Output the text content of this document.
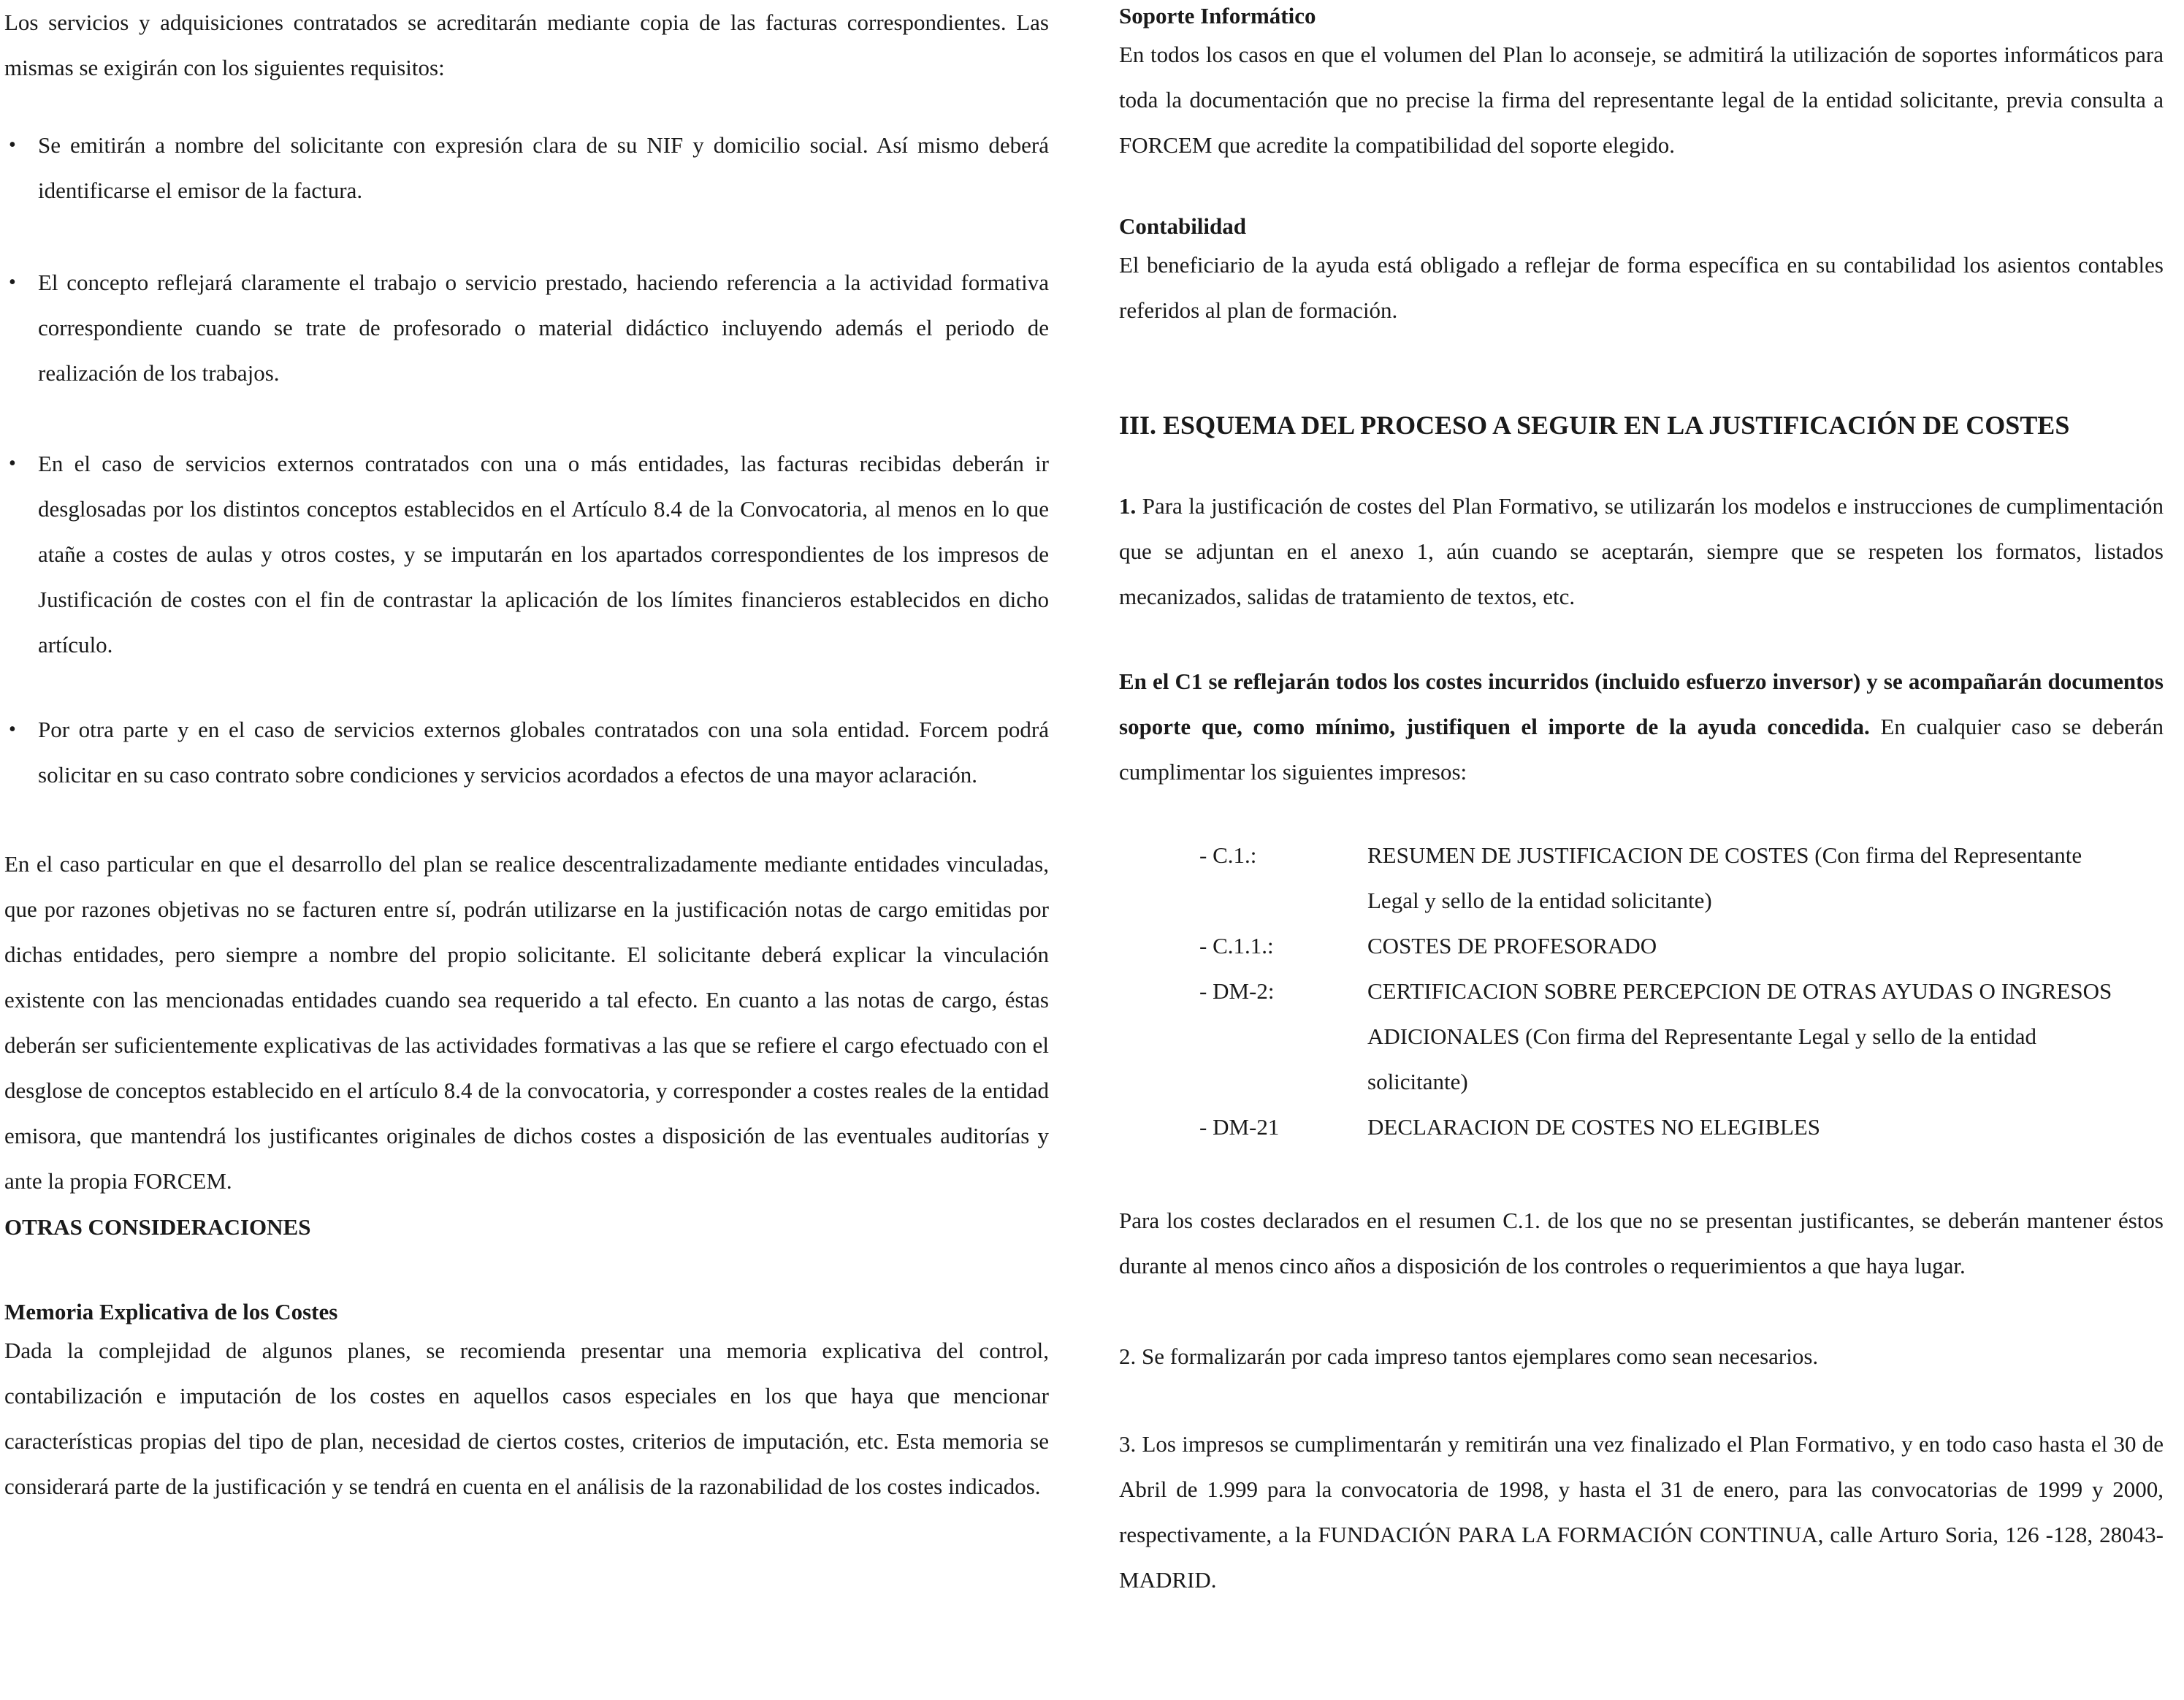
Los servicios y adquisiciones contratados se acreditarán mediante copia de las facturas correspondientes. Las mismas se exigirán con los siguientes requisitos:

• Se emitirán a nombre del solicitante con expresión clara de su NIF y domicilio social. Así mismo deberá identificarse el emisor de la factura.
• El concepto reflejará claramente el trabajo o servicio prestado, haciendo referencia a la actividad formativa correspondiente cuando se trate de profesorado o material didáctico incluyendo además el periodo de realización de los trabajos.
• En el caso de servicios externos contratados con una o más entidades, las facturas recibidas deberán ir desglosadas por los distintos conceptos establecidos en el Artículo 8.4 de la Convocatoria, al menos en lo que atañe a costes de aulas y otros costes, y se imputarán en los apartados correspondientes de los impresos de Justificación de costes con el fin de contrastar la aplicación de los límites financieros establecidos en dicho artículo.
• Por otra parte y en el caso de servicios externos globales contratados con una sola entidad. Forcem podrá solicitar en su caso contrato sobre condiciones y servicios acordados a efectos de una mayor aclaración.

En el caso particular en que el desarrollo del plan se realice descentralizadamente mediante entidades vinculadas, que por razones objetivas no se facturen entre sí, podrán utilizarse en la justificación notas de cargo emitidas por dichas entidades, pero siempre a nombre del propio solicitante. El solicitante deberá explicar la vinculación existente con las mencionadas entidades cuando sea requerido a tal efecto. En cuanto a las notas de cargo, éstas deberán ser suficientemente explicativas de las actividades formativas a las que se refiere el cargo efectuado con el desglose de conceptos establecido en el artículo 8.4 de la convocatoria, y corresponder a costes reales de la entidad emisora, que mantendrá los justificantes originales de dichos costes a disposición de las eventuales auditorías y ante la propia FORCEM.

OTRAS CONSIDERACIONES
Memoria Explicativa de los Costes

Dada la complejidad de algunos planes, se recomienda presentar una memoria explicativa del control, contabilización e imputación de los costes en aquellos casos especiales en los que haya que mencionar características propias del tipo de plan, necesidad de ciertos costes, criterios de imputación, etc. Esta memoria se considerará parte de la justificación y se tendrá en cuenta en el análisis de la razonabilidad de los costes indicados.

Soporte Informático

En todos los casos en que el volumen del Plan lo aconseje, se admitirá la utilización de soportes informáticos para toda la documentación que no precise la firma del representante legal de la entidad solicitante, previa consulta a FORCEM que acredite la compatibilidad del soporte elegido.

Contabilidad

El beneficiario de la ayuda está obligado a reflejar de forma específica en su contabilidad los asientos contables referidos al plan de formación.

III. ESQUEMA DEL PROCESO A SEGUIR EN LA JUSTIFICACIÓN DE COSTES

1. Para la justificación de costes del Plan Formativo, se utilizarán los modelos e instrucciones de cumplimentación que se adjuntan en el anexo 1, aún cuando se aceptarán, siempre que se respeten los formatos, listados mecanizados, salidas de tratamiento de textos, etc.

En el C1 se reflejarán todos los costes incurridos (incluido esfuerzo inversor) y se acompañarán documentos soporte que, como mínimo, justifiquen el importe de la ayuda concedida. En cualquier caso se deberán cumplimentar los siguientes impresos:

- C.1.:	RESUMEN DE JUSTIFICACION DE COSTES (Con firma del Representante Legal y sello de la entidad solicitante)
- C.1.1.:	COSTES DE PROFESORADO
- DM-2:	CERTIFICACION SOBRE PERCEPCION DE OTRAS AYUDAS O INGRESOS ADICIONALES (Con firma del Representante Legal y sello de la entidad solicitante)
- DM-21	DECLARACION DE COSTES NO ELEGIBLES

Para los costes declarados en el resumen C.1. de los que no se presentan justificantes, se deberán mantener éstos durante al menos cinco años a disposición de los controles o requerimientos a que haya lugar.

2. Se formalizarán por cada impreso tantos ejemplares como sean necesarios.

3. Los impresos se cumplimentarán y remitirán una vez finalizado el Plan Formativo, y en todo caso hasta el 30 de Abril de 1.999 para la convocatoria de 1998, y hasta el 31 de enero, para las convocatorias de 1999 y 2000, respectivamente, a la FUNDACIÓN PARA LA FORMACIÓN CONTINUA, calle Arturo Soria, 126 -128, 28043-MADRID.
